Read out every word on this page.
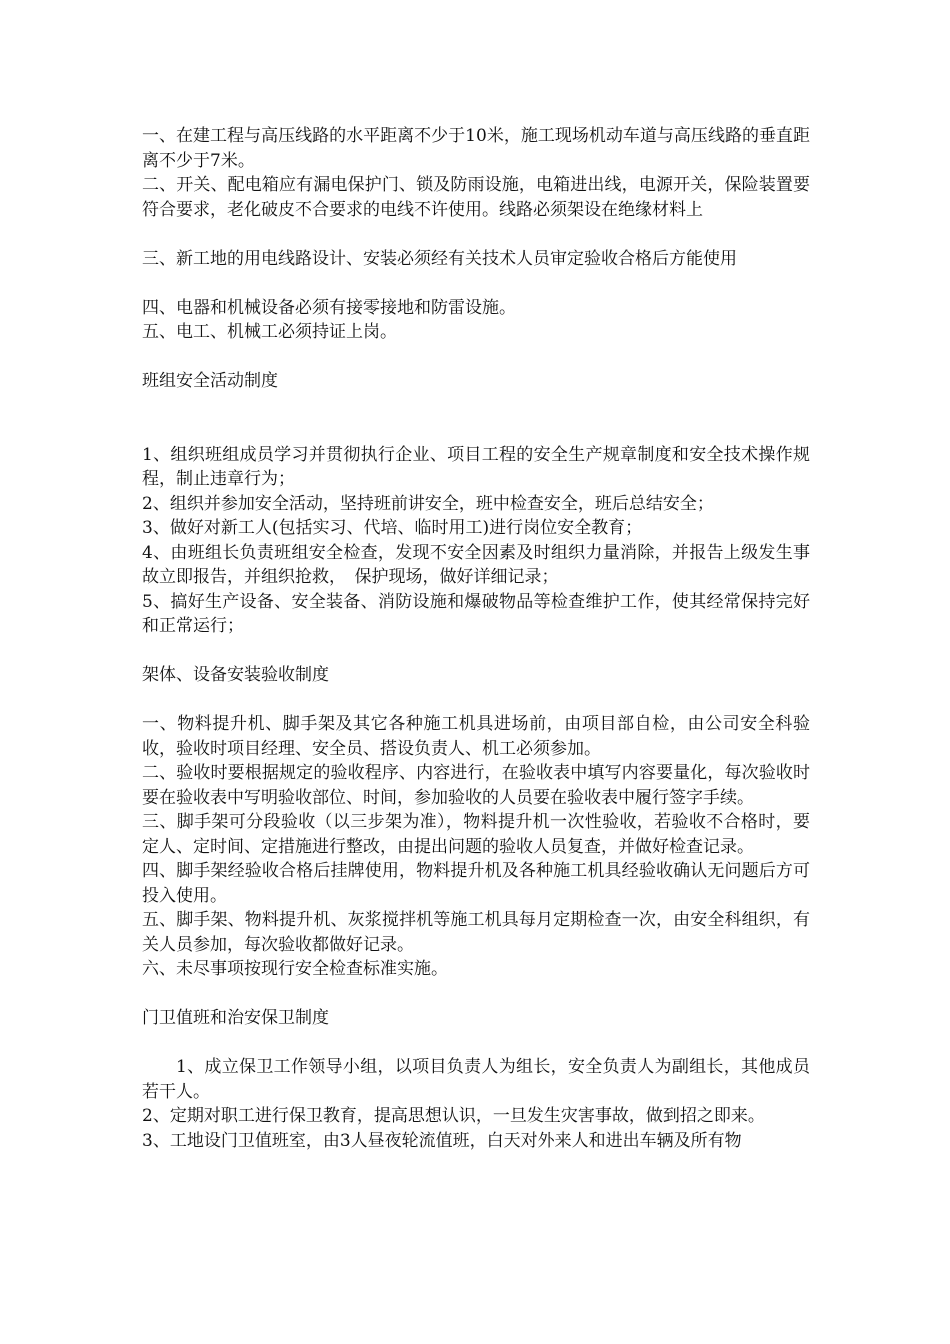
一、在建工程与高压线路的水平距离不少于10米，施工现场机动车道与高压线路的垂直距离不少于7米。

二、开关、配电箱应有漏电保护门、锁及防雨设施，电箱进出线，电源开关，保险装置要符合要求，老化破皮不合要求的电线不许使用。线路必须架设在绝缘材料上

三、新工地的用电线路设计、安装必须经有关技术人员审定验收合格后方能使用

四、电器和机械设备必须有接零接地和防雷设施。

五、电工、机械工必须持证上岗。

班组安全活动制度

1、组织班组成员学习并贯彻执行企业、项目工程的安全生产规章制度和安全技术操作规程，制止违章行为；

2、组织并参加安全活动，坚持班前讲安全，班中检查安全，班后总结安全；

3、做好对新工人(包括实习、代培、临时用工)进行岗位安全教育；

4、由班组长负责班组安全检查，发现不安全因素及时组织力量消除，并报告上级发生事故立即报告，并组织抢救，　保护现场，做好详细记录；

5、搞好生产设备、安全装备、消防设施和爆破物品等检查维护工作，使其经常保持完好和正常运行；

架体、设备安装验收制度

一、物料提升机、脚手架及其它各种施工机具进场前，由项目部自检，由公司安全科验收，验收时项目经理、安全员、搭设负责人、机工必须参加。

二、验收时要根据规定的验收程序、内容进行，在验收表中填写内容要量化，每次验收时要在验收表中写明验收部位、时间，参加验收的人员要在验收表中履行签字手续。

三、脚手架可分段验收（以三步架为准），物料提升机一次性验收，若验收不合格时，要定人、定时间、定措施进行整改，由提出问题的验收人员复查，并做好检查记录。

四、脚手架经验收合格后挂牌使用，物料提升机及各种施工机具经验收确认无问题后方可投入使用。

五、脚手架、物料提升机、灰浆搅拌机等施工机具每月定期检查一次，由安全科组织，有关人员参加，每次验收都做好记录。

六、未尽事项按现行安全检查标准实施。

门卫值班和治安保卫制度

1、成立保卫工作领导小组，以项目负责人为组长，安全负责人为副组长，其他成员若干人。

2、定期对职工进行保卫教育，提高思想认识，一旦发生灾害事故，做到招之即来。

3、工地设门卫值班室，由3人昼夜轮流值班，白天对外来人和进出车辆及所有物
